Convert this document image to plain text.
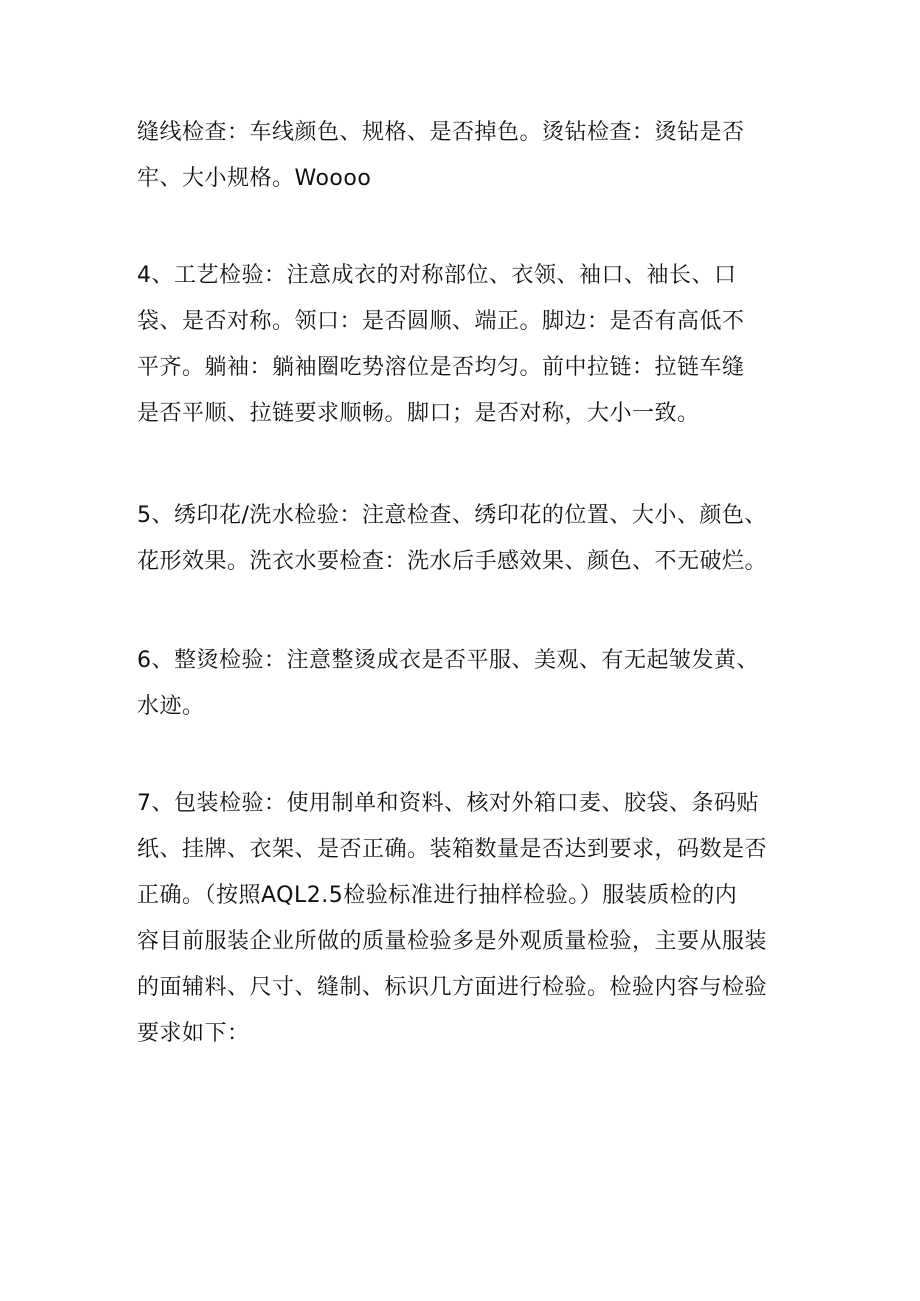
缝线检查：车线颜色、规格、是否掉色。烫钻检查：烫钻是否
牢、大小规格。Woooo
4、工艺检验：注意成衣的对称部位、衣领、袖口、袖长、口
袋、是否对称。领口：是否圆顺、端正。脚边：是否有高低不
平齐。躺袖：躺袖圈吃势溶位是否均匀。前中拉链：拉链车缝
是否平顺、拉链要求顺畅。脚口；是否对称，大小一致。
5、绣印花/洗水检验：注意检查、绣印花的位置、大小、颜色、
花形效果。洗衣水要检查：洗水后手感效果、颜色、不无破烂。
6、整烫检验：注意整烫成衣是否平服、美观、有无起皱发黄、
水迹。
7、包装检验：使用制单和资料、核对外箱口麦、胶袋、条码贴
纸、挂牌、衣架、是否正确。装箱数量是否达到要求，码数是否
正确。（按照AQL2.5检验标准进行抽样检验。）服装质检的内
容目前服装企业所做的质量检验多是外观质量检验，主要从服装
的面辅料、尺寸、缝制、标识几方面进行检验。检验内容与检验
要求如下：
